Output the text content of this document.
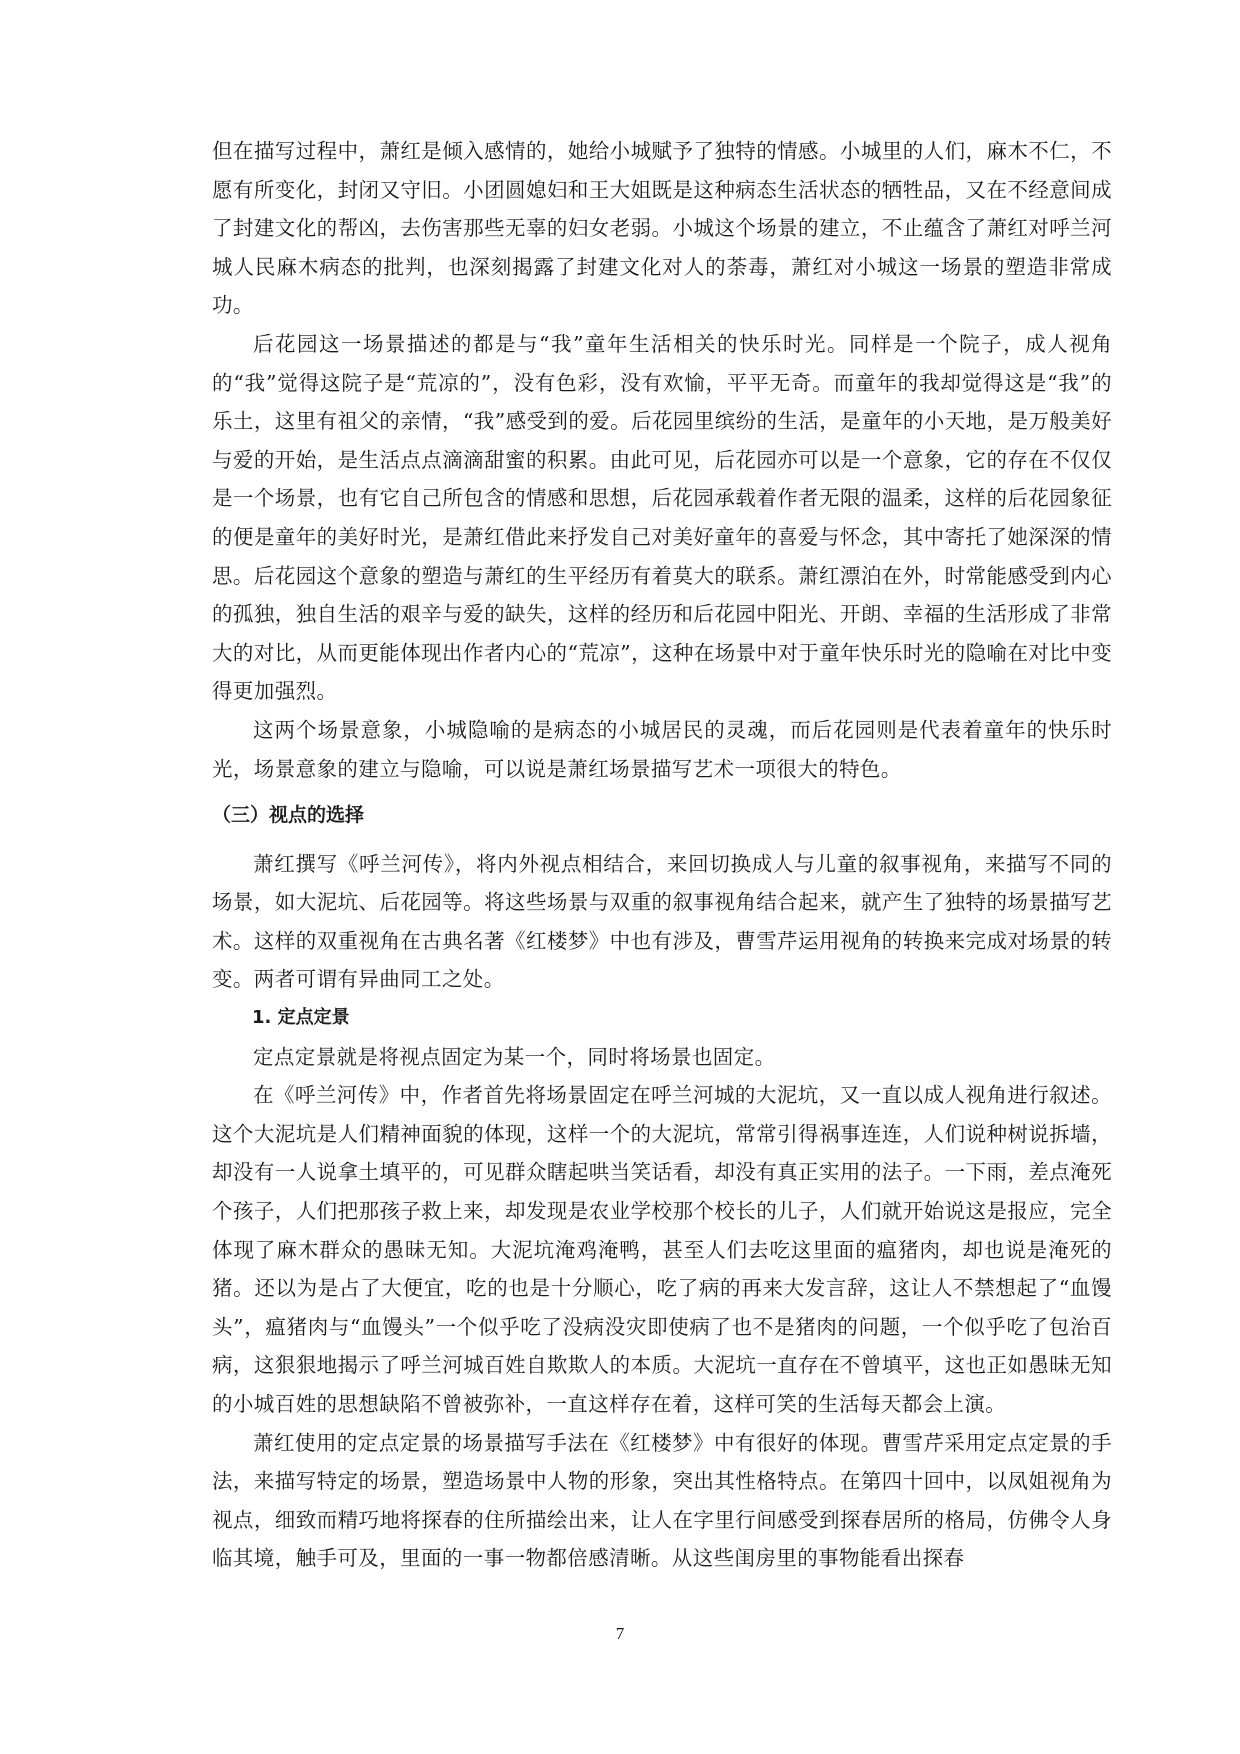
但在描写过程中，萧红是倾入感情的，她给小城赋予了独特的情感。小城里的人们，麻木不仁，不愿有所变化，封闭又守旧。小团圆媳妇和王大姐既是这种病态生活状态的牺牲品，又在不经意间成了封建文化的帮凶，去伤害那些无辜的妇女老弱。小城这个场景的建立，不止蕴含了萧红对呼兰河城人民麻木病态的批判，也深刻揭露了封建文化对人的荼毒，萧红对小城这一场景的塑造非常成功。

后花园这一场景描述的都是与“我”童年生活相关的快乐时光。同样是一个院子，成人视角的“我”觉得这院子是“荒凉的”，没有色彩，没有欢愉，平平无奇。而童年的我却觉得这是“我”的乐土，这里有祖父的亲情，“我”感受到的爱。后花园里缤纷的生活，是童年的小天地，是万般美好与爱的开始，是生活点点滴滴甜蜜的积累。由此可见，后花园亦可以是一个意象，它的存在不仅仅是一个场景，也有它自己所包含的情感和思想，后花园承载着作者无限的温柔，这样的后花园象征的便是童年的美好时光，是萧红借此来抒发自己对美好童年的喜爱与怀念，其中寄托了她深深的情思。后花园这个意象的塑造与萧红的生平经历有着莫大的联系。萧红漂泊在外，时常能感受到内心的孤独，独自生活的艰辛与爱的缺失，这样的经历和后花园中阳光、开朗、幸福的生活形成了非常大的对比，从而更能体现出作者内心的“荒凉”，这种在场景中对于童年快乐时光的隐喻在对比中变得更加强烈。

这两个场景意象，小城隐喻的是病态的小城居民的灵魂，而后花园则是代表着童年的快乐时光，场景意象的建立与隐喻，可以说是萧红场景描写艺术一项很大的特色。

（三）视点的选择

萧红撰写《呼兰河传》，将内外视点相结合，来回切换成人与儿童的叙事视角，来描写不同的场景，如大泥坑、后花园等。将这些场景与双重的叙事视角结合起来，就产生了独特的场景描写艺术。这样的双重视角在古典名著《红楼梦》中也有涉及，曹雪芹运用视角的转换来完成对场景的转变。两者可谓有异曲同工之处。

1. 定点定景

定点定景就是将视点固定为某一个，同时将场景也固定。

在《呼兰河传》中，作者首先将场景固定在呼兰河城的大泥坑，又一直以成人视角进行叙述。这个大泥坑是人们精神面貌的体现，这样一个的大泥坑，常常引得祸事连连，人们说种树说拆墙，却没有一人说拿土填平的，可见群众瞎起哄当笑话看，却没有真正实用的法子。一下雨，差点淹死个孩子，人们把那孩子救上来，却发现是农业学校那个校长的儿子，人们就开始说这是报应，完全体现了麻木群众的愚昧无知。大泥坑淹鸡淹鸭，甚至人们去吃这里面的瘟猪肉，却也说是淹死的猪。还以为是占了大便宜，吃的也是十分顺心，吃了病的再来大发言辞，这让人不禁想起了“血馒头”，瘟猪肉与“血馒头”一个似乎吃了没病没灾即使病了也不是猪肉的问题，一个似乎吃了包治百病，这狠狠地揭示了呼兰河城百姓自欺欺人的本质。大泥坑一直存在不曾填平，这也正如愚昧无知的小城百姓的思想缺陷不曾被弥补，一直这样存在着，这样可笑的生活每天都会上演。

萧红使用的定点定景的场景描写手法在《红楼梦》中有很好的体现。曹雪芹采用定点定景的手法，来描写特定的场景，塑造场景中人物的形象，突出其性格特点。在第四十回中，以凤姐视角为视点，细致而精巧地将探春的住所描绘出来，让人在字里行间感受到探春居所的格局，仿佛令人身临其境，触手可及，里面的一事一物都倍感清晰。从这些闺房里的事物能看出探春

7
